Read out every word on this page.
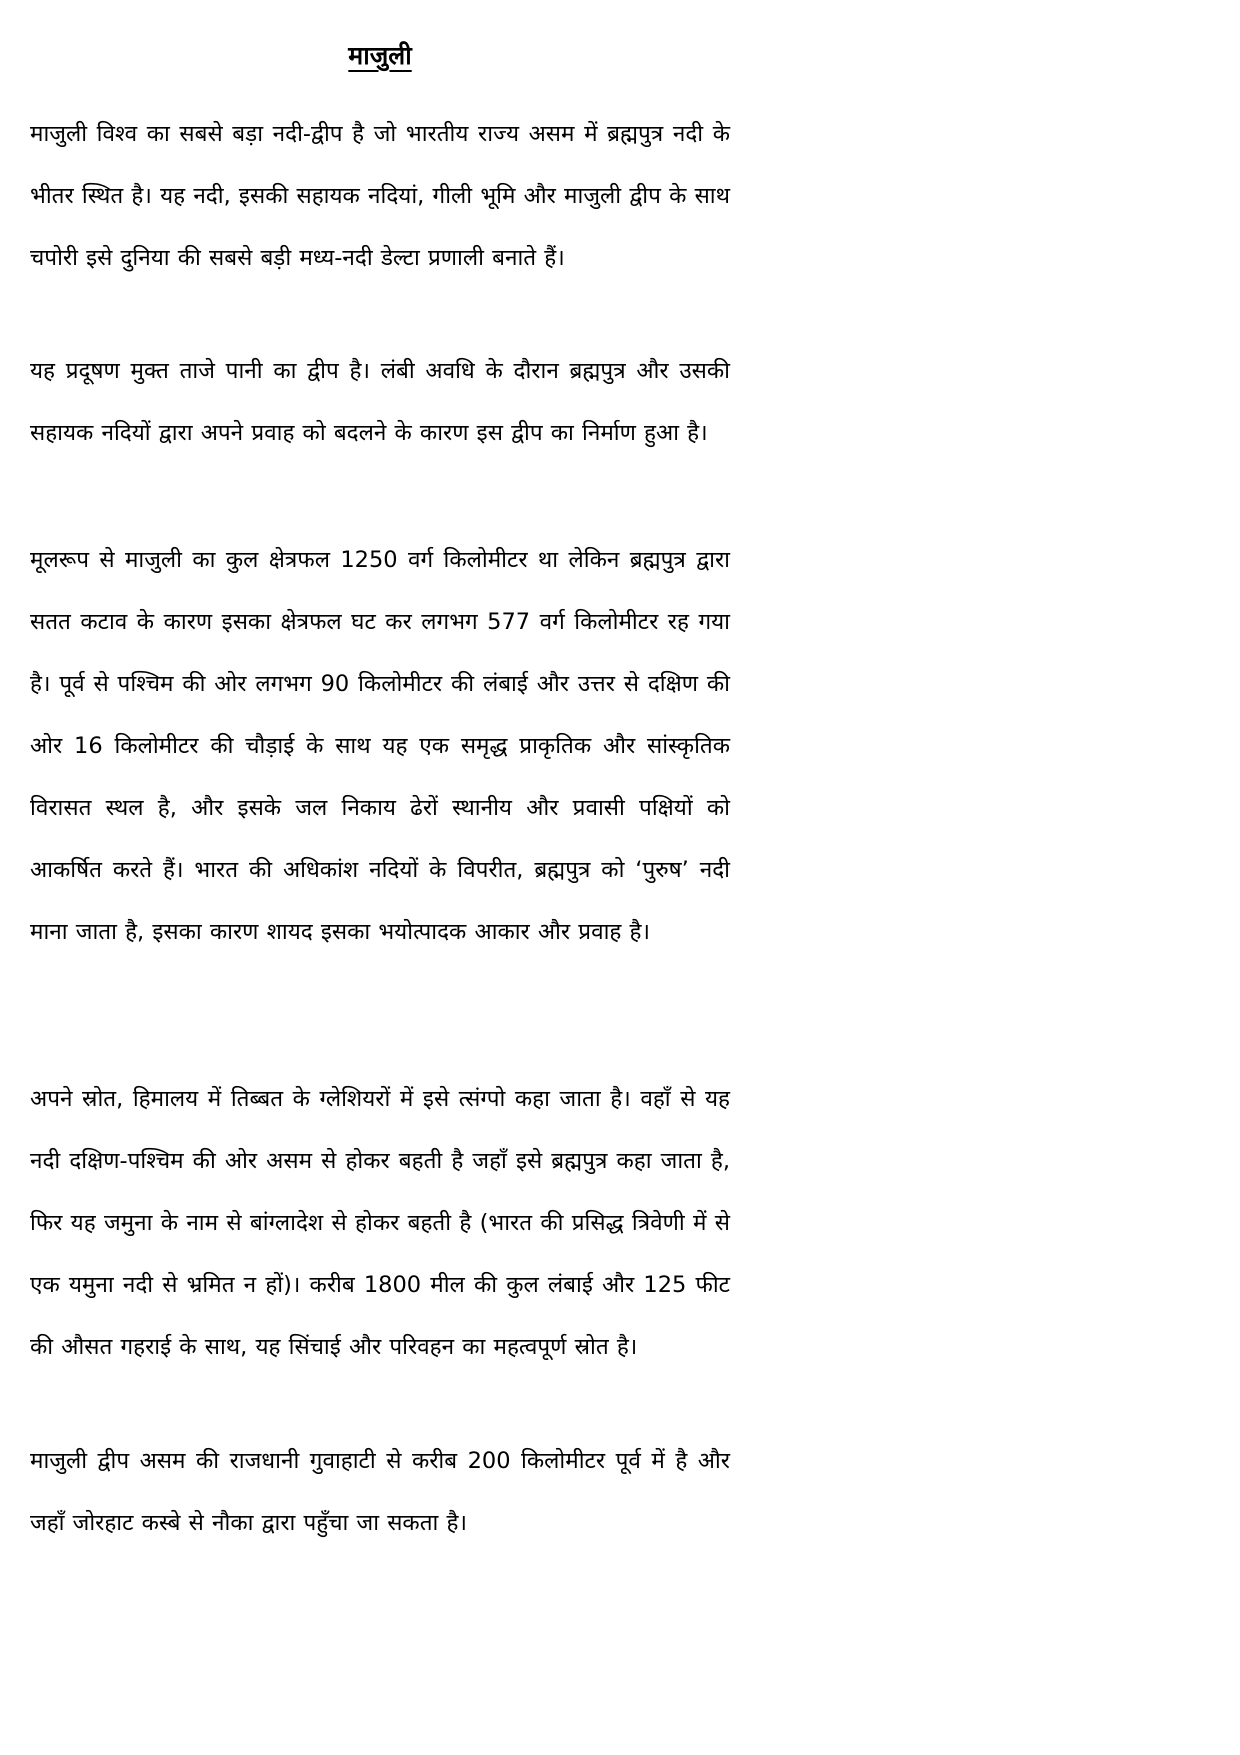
माजुली

माजुली विश्व का सबसे बड़ा नदी-द्वीप है जो भारतीय राज्य असम में ब्रह्मपुत्र नदी के भीतर स्थित है। यह नदी, इसकी सहायक नदियां, गीली भूमि और माजुली द्वीप के साथ चपोरी इसे दुनिया की सबसे बड़ी मध्य-नदी डेल्टा प्रणाली बनाते हैं।

यह प्रदूषण मुक्त ताजे पानी का द्वीप है। लंबी अवधि के दौरान ब्रह्मपुत्र और उसकी सहायक नदियों द्वारा अपने प्रवाह को बदलने के कारण इस द्वीप का निर्माण हुआ है।

मूलरूप से माजुली का कुल क्षेत्रफल 1250 वर्ग किलोमीटर था लेकिन ब्रह्मपुत्र द्वारा सतत कटाव के कारण इसका क्षेत्रफल घट कर लगभग 577 वर्ग किलोमीटर रह गया है। पूर्व से पश्चिम की ओर लगभग 90 किलोमीटर की लंबाई और उत्तर से दक्षिण की ओर 16 किलोमीटर की चौड़ाई के साथ यह एक समृद्ध प्राकृतिक और सांस्कृतिक विरासत स्थल है, और इसके जल निकाय ढेरों स्थानीय और प्रवासी पक्षियों को आकर्षित करते हैं। भारत की अधिकांश नदियों के विपरीत, ब्रह्मपुत्र को ‘पुरुष’ नदी माना जाता है, इसका कारण शायद इसका भयोत्पादक आकार और प्रवाह है।

अपने स्रोत, हिमालय में तिब्बत के ग्लेशियरों में इसे त्संग्पो कहा जाता है। वहाँ से यह नदी दक्षिण-पश्चिम की ओर असम से होकर बहती है जहाँ इसे ब्रह्मपुत्र कहा जाता है, फिर यह जमुना के नाम से बांग्लादेश से होकर बहती है (भारत की प्रसिद्ध त्रिवेणी में से एक यमुना नदी से भ्रमित न हों)। करीब 1800 मील की कुल लंबाई और 125 फीट की औसत गहराई के साथ, यह सिंचाई और परिवहन का महत्वपूर्ण स्रोत है।

माजुली द्वीप असम की राजधानी गुवाहाटी से करीब 200 किलोमीटर पूर्व में है और जहाँ जोरहाट कस्बे से नौका द्वारा पहुँचा जा सकता है।
